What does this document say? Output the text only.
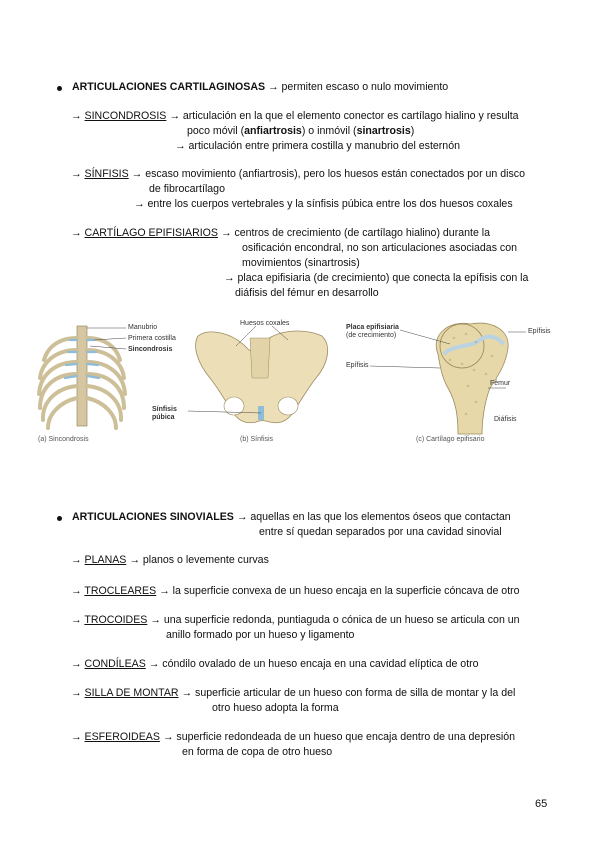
ARTICULACIONES CARTILAGINOSAS → permiten escaso o nulo movimiento
→ SINCONDROSIS → articulación en la que el elemento conector es cartílago hialino y resulta
poco móvil (anfiartrosis) o inmóvil (sinartrosis)
→ articulación entre primera costilla y manubrio del esternón
→ SÍNFISIS → escaso movimiento (anfiartrosis), pero los huesos están conectados por un disco
de fibrocartílago
→ entre los cuerpos vertebrales y la sínfisis púbica entre los dos huesos coxales
→ CARTÍLAGO EPIFISIARIOS → centros de crecimiento (de cartílago hialino) durante la
osificación encondral, no son articulaciones asociadas con
movimientos (sinartrosis)
→ placa epifisiaria (de crecimiento) que conecta la epífisis con la
diáfisis del fémur en desarrollo
Manubrio
Primera costilla
Sincondrosis
(a) Sincondrosis
Huesos coxales
Sínfisis
púbica
(b) Sínfisis
Placa epifisiaria
(de crecimiento)
Epífisis
Epífisis
Fémur
Diáfisis
(c) Cartílago epifisario
ARTICULACIONES SINOVIALES → aquellas en las que los elementos óseos que contactan
entre sí quedan separados por una cavidad sinovial
→ PLANAS → planos o levemente curvas
→ TROCLEARES → la superficie convexa de un hueso encaja en la superficie cóncava de otro
→ TROCOIDES → una superficie redonda, puntiaguda o cónica de un hueso se articula con un
anillo formado por un hueso y ligamento
→ CONDÍLEAS → cóndilo ovalado de un hueso encaja en una cavidad elíptica de otro
→ SILLA DE MONTAR → superficie articular de un hueso con forma de silla de montar y la del
otro hueso adopta la forma
→ ESFEROIDEAS → superficie redondeada de un hueso que encaja dentro de una depresión
en forma de copa de otro hueso
65
